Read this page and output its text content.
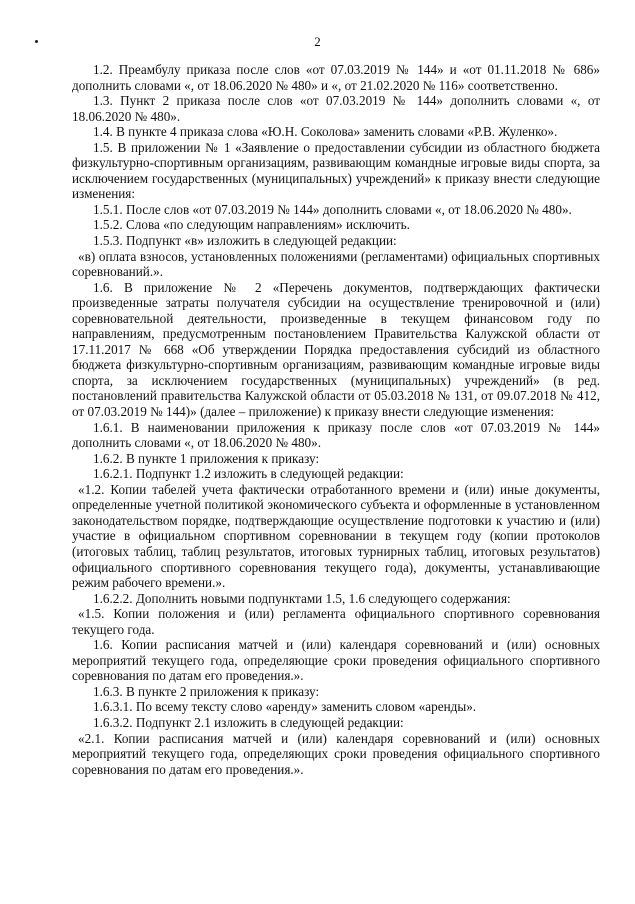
2

1.2. Преамбулу приказа после слов «от 07.03.2019 № 144» и «от 01.11.2018 № 686» дополнить словами «, от 18.06.2020 № 480» и «, от 21.02.2020 № 116» соответственно.

1.3. Пункт 2 приказа после слов «от 07.03.2019 № 144» дополнить словами «, от 18.06.2020 № 480».

1.4. В пункте 4 приказа слова «Ю.Н. Соколова» заменить словами «Р.В. Жуленко».

1.5. В приложении № 1 «Заявление о предоставлении субсидии из областного бюджета физкультурно-спортивным организациям, развивающим командные игровые виды спорта, за исключением государственных (муниципальных) учреждений» к приказу внести следующие изменения:

1.5.1. После слов «от 07.03.2019 № 144» дополнить словами «, от 18.06.2020 № 480».

1.5.2. Слова «по следующим направлениям» исключить.

1.5.3. Подпункт «в» изложить в следующей редакции:

«в) оплата взносов, установленных положениями (регламентами) официальных спортивных соревнований.».

1.6. В приложение № 2 «Перечень документов, подтверждающих фактически произведенные затраты получателя субсидии на осуществление тренировочной и (или) соревновательной деятельности, произведенные в текущем финансовом году по направлениям, предусмотренным постановлением Правительства Калужской области от 17.11.2017 № 668 «Об утверждении Порядка предоставления субсидий из областного бюджета физкультурно-спортивным организациям, развивающим командные игровые виды спорта, за исключением государственных (муниципальных) учреждений» (в ред. постановлений правительства Калужской области от 05.03.2018 № 131, от 09.07.2018 № 412, от 07.03.2019 № 144)» (далее – приложение) к приказу внести следующие изменения:

1.6.1. В наименовании приложения к приказу после слов «от 07.03.2019 № 144» дополнить словами «, от 18.06.2020 № 480».

1.6.2. В пункте 1 приложения к приказу:

1.6.2.1. Подпункт 1.2 изложить в следующей редакции:

«1.2. Копии табелей учета фактически отработанного времени и (или) иные документы, определенные учетной политикой экономического субъекта и оформленные в установленном законодательством порядке, подтверждающие осуществление подготовки к участию и (или) участие в официальном спортивном соревновании в текущем году (копии протоколов (итоговых таблиц, таблиц результатов, итоговых турнирных таблиц, итоговых результатов) официального спортивного соревнования текущего года), документы, устанавливающие режим рабочего времени.».

1.6.2.2. Дополнить новыми подпунктами 1.5, 1.6 следующего содержания:

«1.5. Копии положения и (или) регламента официального спортивного соревнования текущего года.

1.6. Копии расписания матчей и (или) календаря соревнований и (или) основных мероприятий текущего года, определяющие сроки проведения официального спортивного соревнования по датам его проведения.».

1.6.3. В пункте 2 приложения к приказу:

1.6.3.1. По всему тексту слово «аренду» заменить словом «аренды».

1.6.3.2. Подпункт 2.1 изложить в следующей редакции:

«2.1. Копии расписания матчей и (или) календаря соревнований и (или) основных мероприятий текущего года, определяющих сроки проведения официального спортивного соревнования по датам его проведения.».
